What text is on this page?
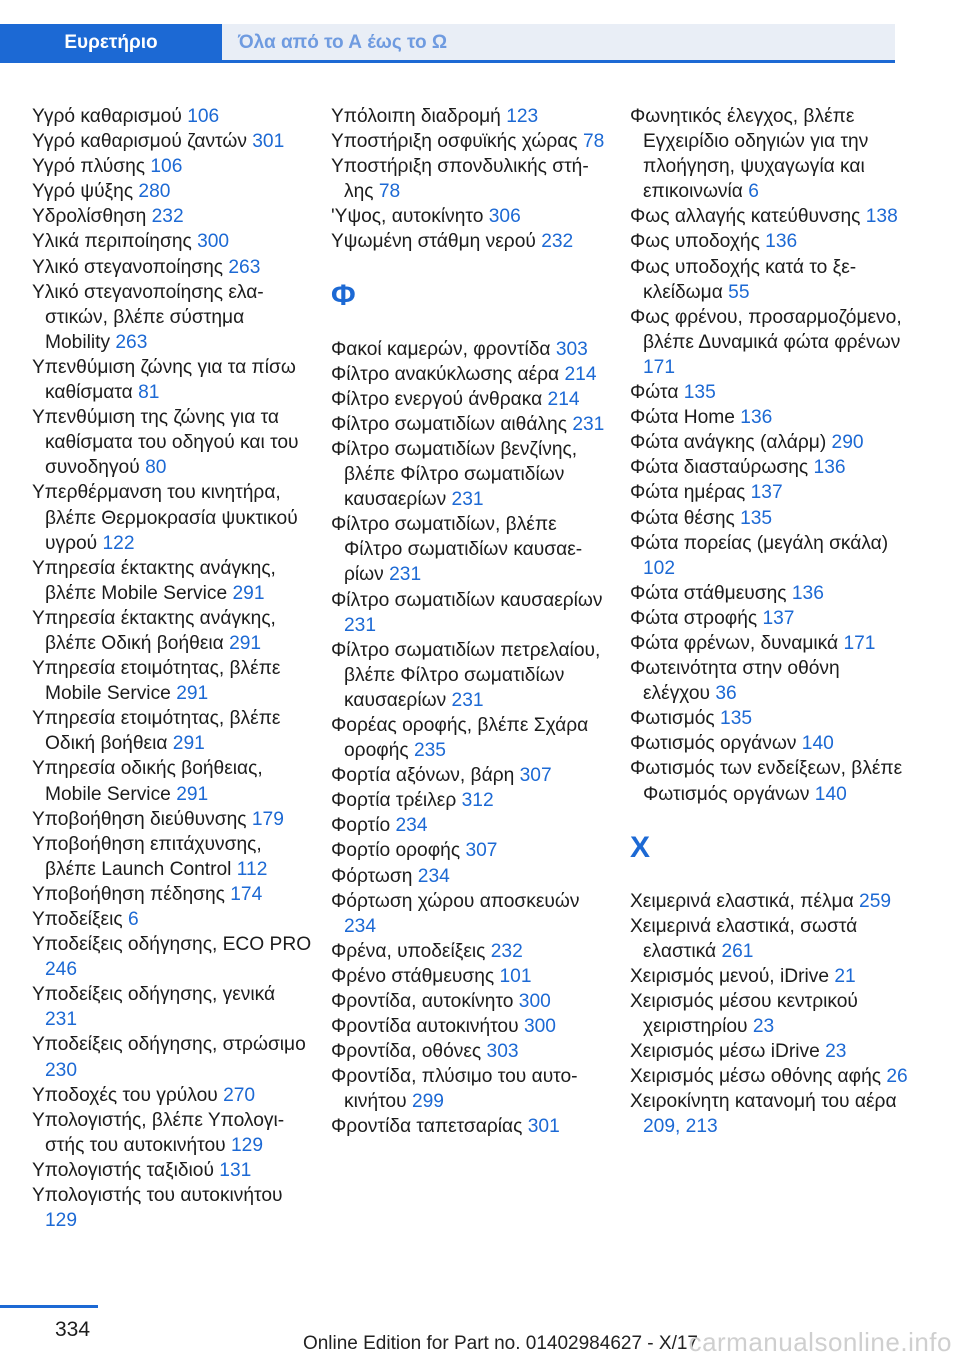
Ευρετήριο	Όλα από το Α έως το Ω
Υγρό καθαρισμού 106
Υγρό καθαρισμού ζαντών 301
Υγρό πλύσης 106
Υγρό ψύξης 280
Υδρολίσθηση 232
Υλικά περιποίησης 300
Υλικό στεγανοποίησης 263
Υλικό στεγανοποίησης ελαστικών, βλέπε σύστημα Mobility 263
Υπενθύμιση ζώνης για τα πίσω καθίσματα 81
Υπενθύμιση της ζώνης για τα καθίσματα του οδηγού και του συνοδηγού 80
Υπερθέρμανση του κινητήρα, βλέπε Θερμοκρασία ψυκτικού υγρού 122
Υπηρεσία έκτακτης ανάγκης, βλέπε Mobile Service 291
Υπηρεσία έκτακτης ανάγκης, βλέπε Οδική βοήθεια 291
Υπηρεσία ετοιμότητας, βλέπε Mobile Service 291
Υπηρεσία ετοιμότητας, βλέπε Οδική βοήθεια 291
Υπηρεσία οδικής βοήθειας, Mobile Service 291
Υποβοήθηση διεύθυνσης 179
Υποβοήθηση επιτάχυνσης, βλέπε Launch Control 112
Υποβοήθηση πέδησης 174
Υποδείξεις 6
Υποδείξεις οδήγησης, ECO PRO 246
Υποδείξεις οδήγησης, γενικά 231
Υποδείξεις οδήγησης, στρώσιμο 230
Υποδοχές του γρύλου 270
Υπολογιστής, βλέπε Υπολογιστής του αυτοκινήτου 129
Υπολογιστής ταξιδιού 131
Υπολογιστής του αυτοκινήτου 129
Υπόλοιπη διαδρομή 123
Υποστήριξη οσφυϊκής χώρας 78
Υποστήριξη σπονδυλικής στήλης 78
'Υψος, αυτοκίνητο 306
Υψωμένη στάθμη νερού 232
Φ
Φακοί καμερών, φροντίδα 303
Φίλτρο ανακύκλωσης αέρα 214
Φίλτρο ενεργού άνθρακα 214
Φίλτρο σωματιδίων αιθάλης 231
Φίλτρο σωματιδίων βενζίνης, βλέπε Φίλτρο σωματιδίων καυσαερίων 231
Φίλτρο σωματιδίων, βλέπε Φίλτρο σωματιδίων καυσαερίων 231
Φίλτρο σωματιδίων καυσαερίων 231
Φίλτρο σωματιδίων πετρελαίου, βλέπε Φίλτρο σωματιδίων καυσαερίων 231
Φορέας οροφής, βλέπε Σχάρα οροφής 235
Φορτία αξόνων, βάρη 307
Φορτία τρέιλερ 312
Φορτίο 234
Φορτίο οροφής 307
Φόρτωση 234
Φόρτωση χώρου αποσκευών 234
Φρένα, υποδείξεις 232
Φρένο στάθμευσης 101
Φροντίδα, αυτοκίνητο 300
Φροντίδα αυτοκινήτου 300
Φροντίδα, οθόνες 303
Φροντίδα, πλύσιμο του αυτοκινήτου 299
Φροντίδα ταπετσαρίας 301
Φωνητικός έλεγχος, βλέπε Εγχειρίδιο οδηγιών για την πλοήγηση, ψυχαγωγία και επικοινωνία 6
Φως αλλαγής κατεύθυνσης 138
Φως υποδοχής 136
Φως υποδοχής κατά το ξεκλείδωμα 55
Φως φρένου, προσαρμοζόμενο, βλέπε Δυναμικά φώτα φρένων 171
Φώτα 135
Φώτα Home 136
Φώτα ανάγκης (αλάρμ) 290
Φώτα διασταύρωσης 136
Φώτα ημέρας 137
Φώτα θέσης 135
Φώτα πορείας (μεγάλη σκάλα) 102
Φώτα στάθμευσης 136
Φώτα στροφής 137
Φώτα φρένων, δυναμικά 171
Φωτεινότητα στην οθόνη ελέγχου 36
Φωτισμός 135
Φωτισμός οργάνων 140
Φωτισμός των ενδείξεων, βλέπε Φωτισμός οργάνων 140
Χ
Χειμερινά ελαστικά, πέλμα 259
Χειμερινά ελαστικά, σωστά ελαστικά 261
Χειρισμός μενού, iDrive 21
Χειρισμός μέσου κεντρικού χειριστηρίου 23
Χειρισμός μέσω iDrive 23
Χειρισμός μέσω οθόνης αφής 26
Χειροκίνητη κατανομή του αέρα 209, 213
334
Online Edition for Part no. 01402984627 - X/17
carmanualsonline.info
